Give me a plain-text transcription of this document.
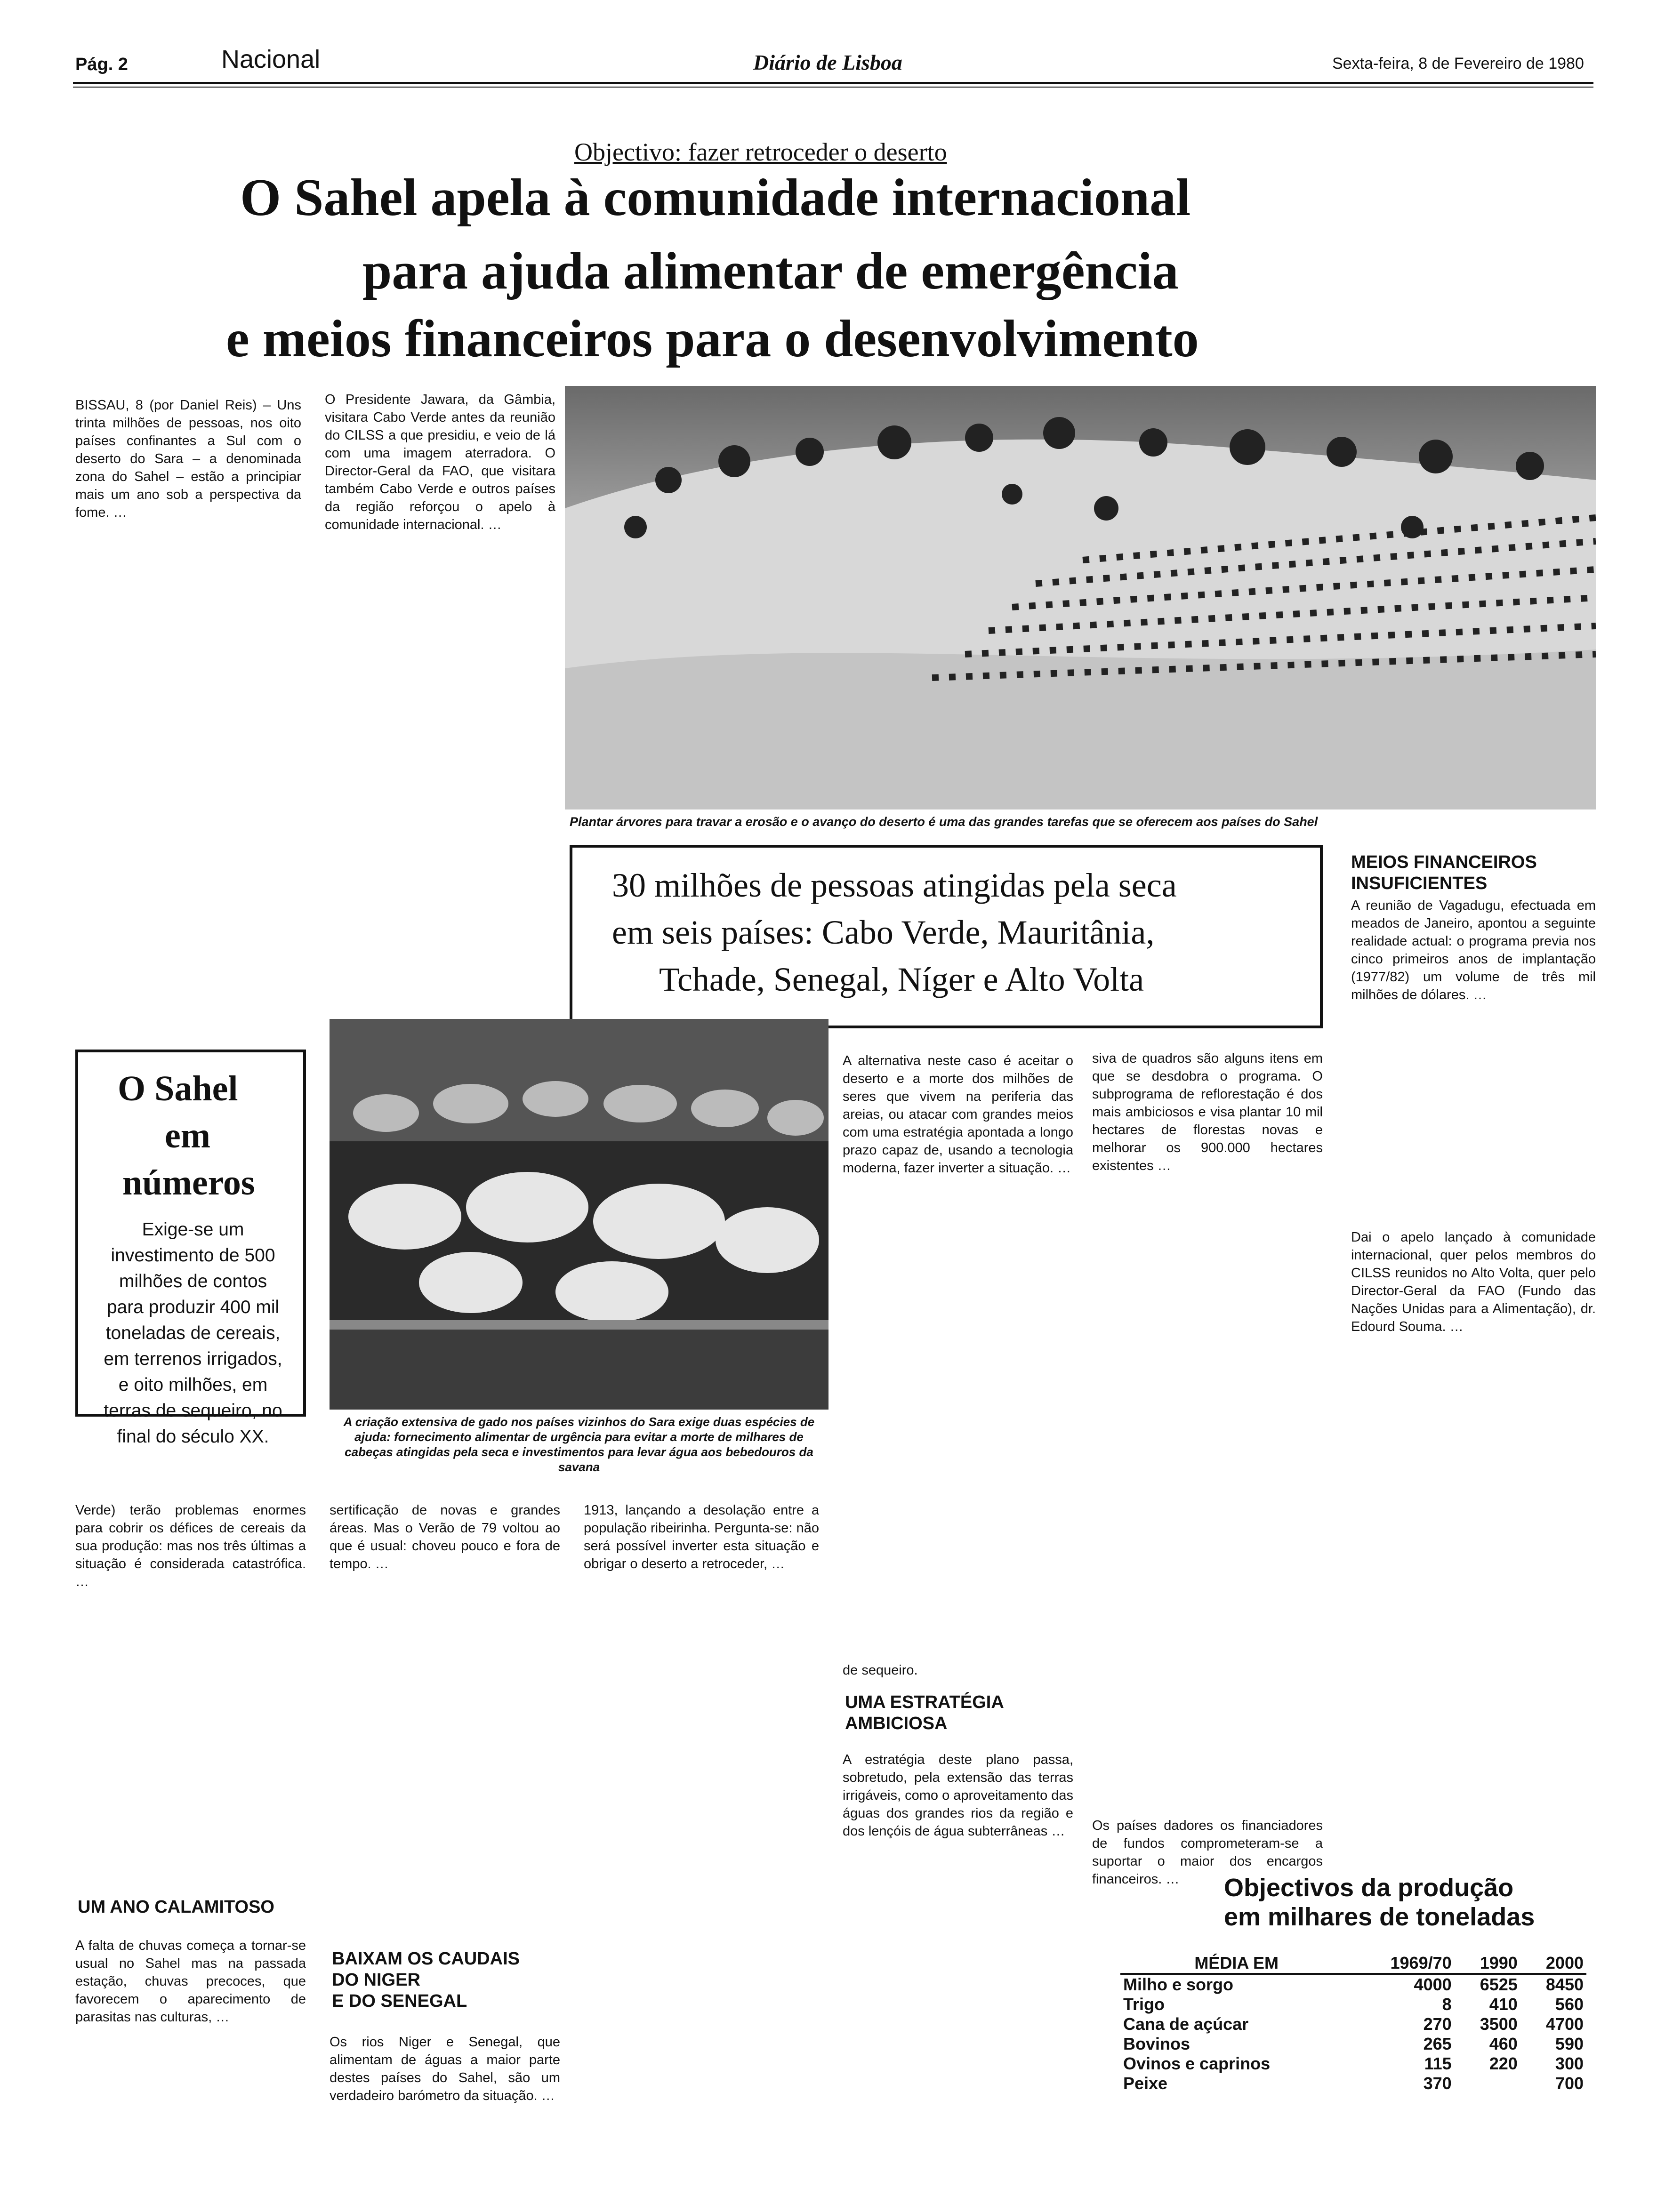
Pág. 2	Nacional	Diário de Lisboa	Sexta-feira, 8 de Fevereiro de 1980
Objectivo: fazer retroceder o deserto
O Sahel apela à comunidade internacional
para ajuda alimentar de emergência
e meios financeiros para o desenvolvimento
BISSAU, 8 (por Daniel Reis) – Uns trinta milhões de pessoas, nos oito países confinantes a Sul com o deserto do Sara – a denominada zona do Sahel – estão a principiar mais um ano sob a perspectiva da fome. …
O Presidente Jawara, da Gâmbia, visitara Cabo Verde antes da reunião do CILSS a que presidiu, e veio de lá com uma imagem aterradora. O Director-Geral da FAO, que visitara também Cabo Verde e outros países da região reforçou o apelo à comunidade internacional. …
Plantar árvores para travar a erosão e o avanço do deserto é uma das grandes tarefas que se oferecem aos países do Sahel
30 milhões de pessoas atingidas pela seca
em seis países: Cabo Verde, Mauritânia,
Tchade, Senegal, Níger e Alto Volta
MEIOS FINANCEIROS
INSUFICIENTES
A reunião de Vagadugu, efectuada em meados de Janeiro, apontou a seguinte realidade actual: o programa previa nos cinco primeiros anos de implantação (1977/82) um volume de três mil milhões de dólares. …
O Sahel
em
números
Exige-se um investimento de 500 milhões de contos para produzir 400 mil toneladas de cereais, em terrenos irrigados, e oito milhões, em terras de sequeiro, no final do século XX.
A criação extensiva de gado nos países vizinhos do Sara exige duas espécies de ajuda: fornecimento alimentar de urgência para evitar a morte de milhares de cabeças atingidas pela seca e investimentos para levar água aos bebedouros da savana
A alternativa neste caso é aceitar o deserto e a morte dos milhões de seres que vivem na periferia das areias, ou atacar com grandes meios com uma estratégia apontada a longo prazo capaz de, usando a tecnologia moderna, fazer inverter a situação. …
siva de quadros são alguns itens em que se desdobra o programa. O subprograma de reflorestação é dos mais ambiciosos e visa plantar 10 mil hectares de florestas novas e melhorar os 900.000 hectares existentes …
Verde) terão problemas enormes para cobrir os défices de cereais da sua produção: mas nos três últimas a situação é considerada catastrófica. …
UM ANO CALAMITOSO
A falta de chuvas começa a tornar-se usual no Sahel mas na passada estação, chuvas precoces, que favorecem o aparecimento de parasitas nas culturas, …
sertificação de novas e grandes áreas. Mas o Verão de 79 voltou ao que é usual: choveu pouco e fora de tempo. …
BAIXAM OS CAUDAIS
DO NIGER
E DO SENEGAL
Os rios Niger e Senegal, que alimentam de águas a maior parte destes países do Sahel, são um verdadeiro barómetro da situação. …
1913, lançando a desolação entre a população ribeirinha. Pergunta-se: não será possível inverter esta situação e obrigar o deserto a retroceder, …
de sequeiro.
UMA ESTRATÉGIA
AMBICIOSA
A estratégia deste plano passa, sobretudo, pela extensão das terras irrigáveis, como o aproveitamento das águas dos grandes rios da região e dos lençóis de água subterrâneas …	Os países dadores os financiadores de fundos comprometeram-se a suportar o maior dos encargos financeiros. …
Dai o apelo lançado à comunidade internacional, quer pelos membros do CILSS reunidos no Alto Volta, quer pelo Director-Geral da FAO (Fundo das Nações Unidas para a Alimentação), dr. Edourd Souma. …
Objectivos da produção
em milhares de toneladas
MÉDIA EM	1969/70	1990	2000
Milho e sorgo	4000	6525	8450
Trigo	8	410	560
Cana de açúcar	270	3500	4700
Bovinos	265	460	590
Ovinos e caprinos	115	220	300
Peixe	370		700
